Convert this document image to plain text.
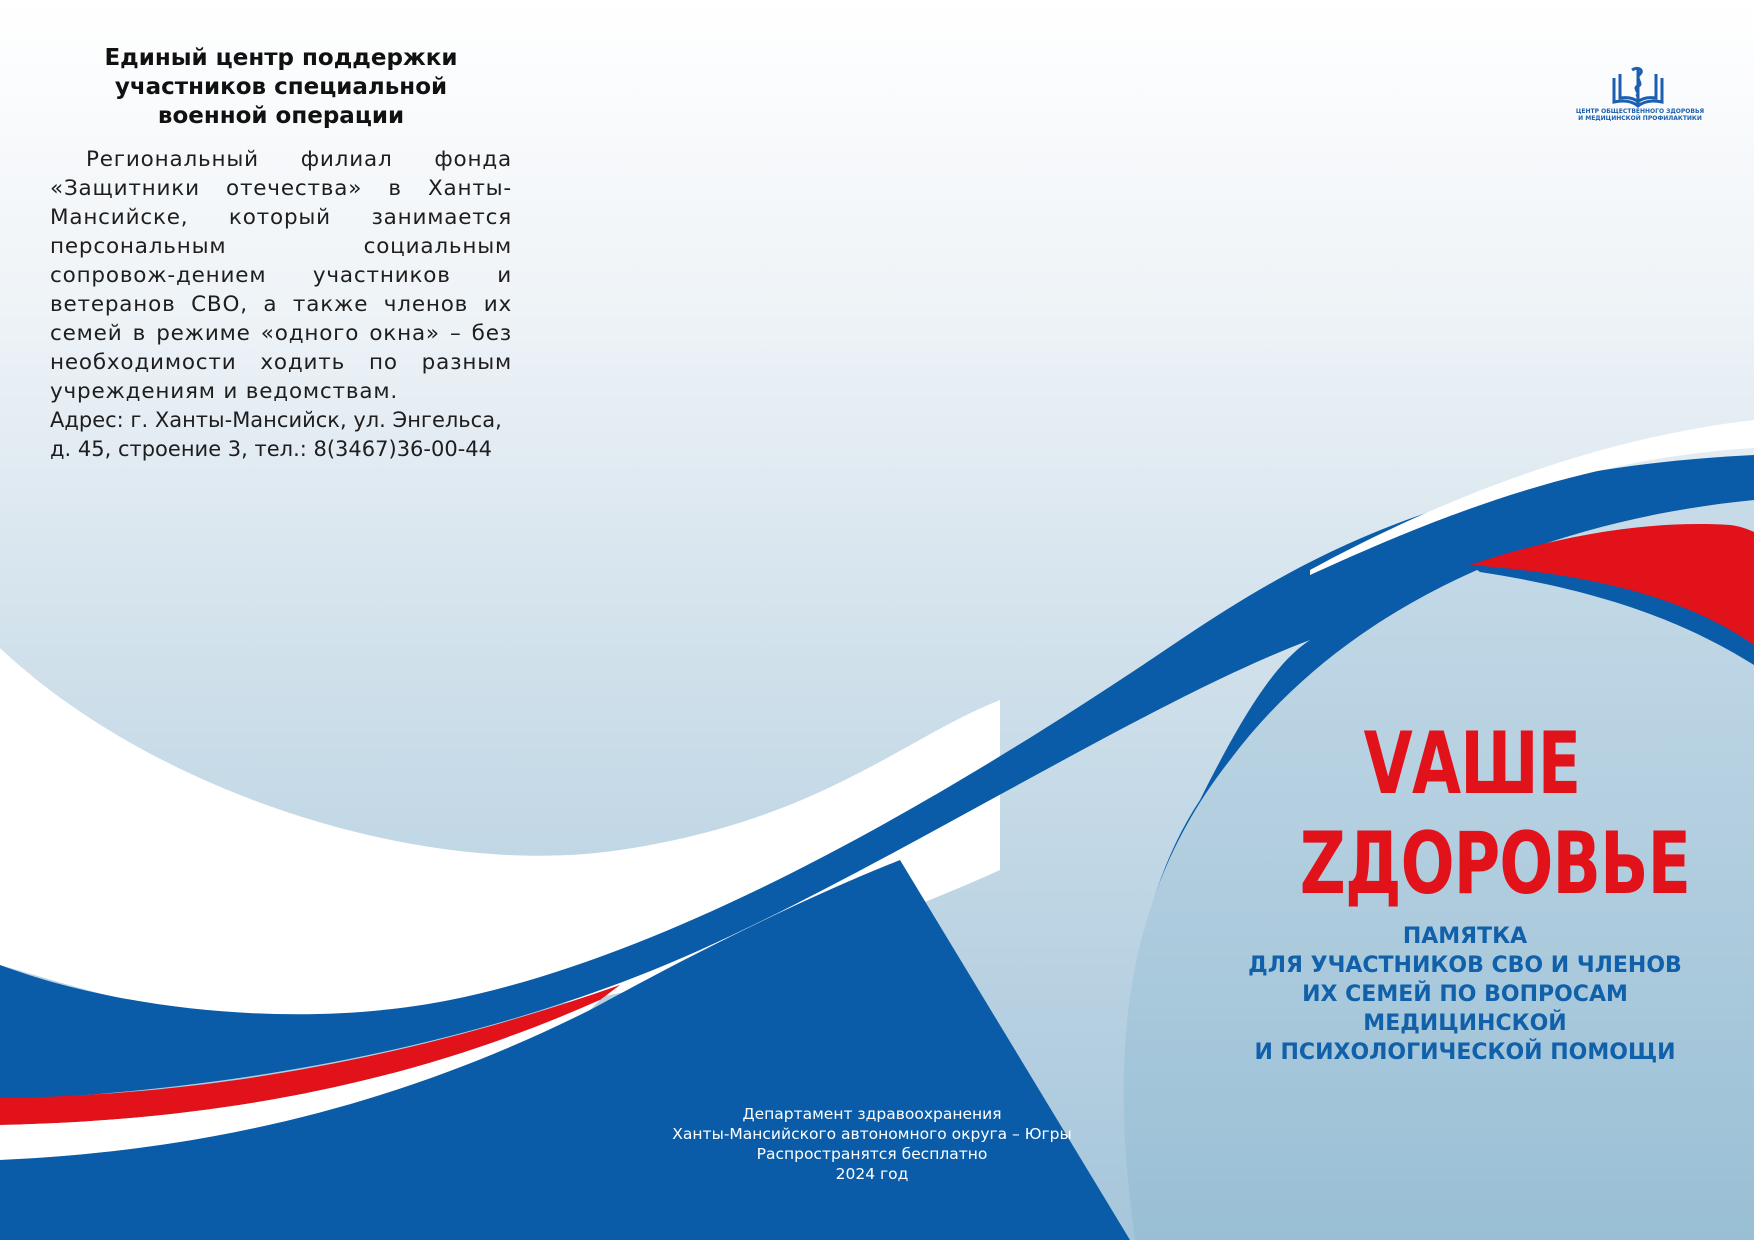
Единый центр поддержки
участников специальной
военной операции

Региональный филиал фонда «Защитники отечества» в Ханты-Мансийске, который занимается персональным социальным сопровож-дением участников и ветеранов СВО, а также членов их семей в режиме «одного окна» – без необходимости ходить по разным учреждениям и ведомствам.

Адрес: г. Ханты-Мансийск, ул. Энгельса,
д. 45, строение 3, тел.: 8(3467)36-00-44
ЦЕНТР ОБЩЕСТВЕННОГО ЗДОРОВЬЯ
И МЕДИЦИНСКОЙ ПРОФИЛАКТИКИ
VАШЕ
ZДОРОВЬЕ
ПАМЯТКА
ДЛЯ УЧАСТНИКОВ СВО И ЧЛЕНОВ
ИХ СЕМЕЙ ПО ВОПРОСАМ
МЕДИЦИНСКОЙ
И ПСИХОЛОГИЧЕСКОЙ ПОМОЩИ
Департамент здравоохранения
Ханты-Мансийского автономного округа – Югры
Распространятся бесплатно
2024 год
